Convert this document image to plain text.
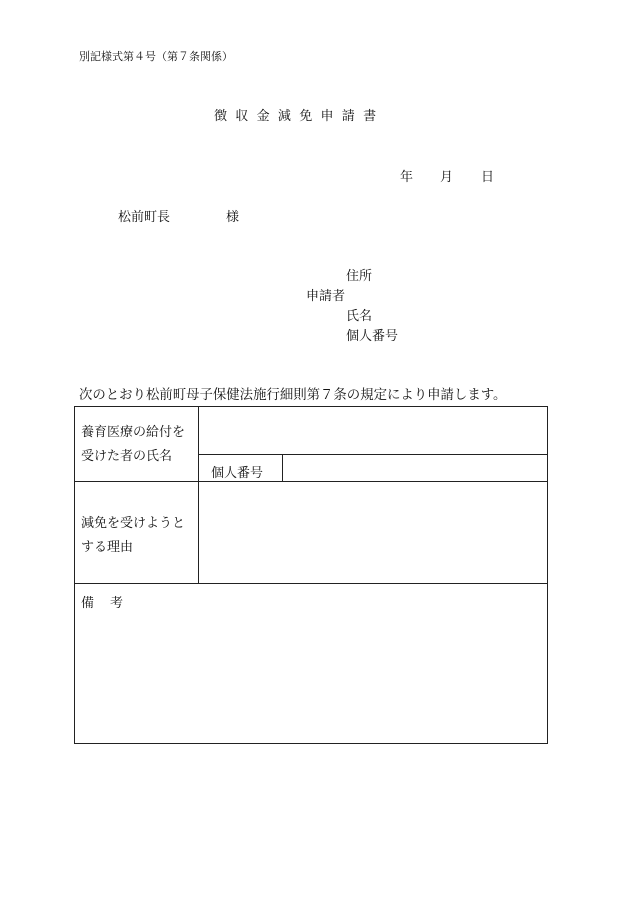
別記様式第４号（第７条関係）
徴収金減免申請書
年 月 日
松前町長	様
住所
申請者
氏名
個人番号
次のとおり松前町母子保健法施行細則第７条の規定により申請します。
養育医療の給付を
受けた者の氏名		

	個人番号	

減免を受けようと
する理由		

備考		
